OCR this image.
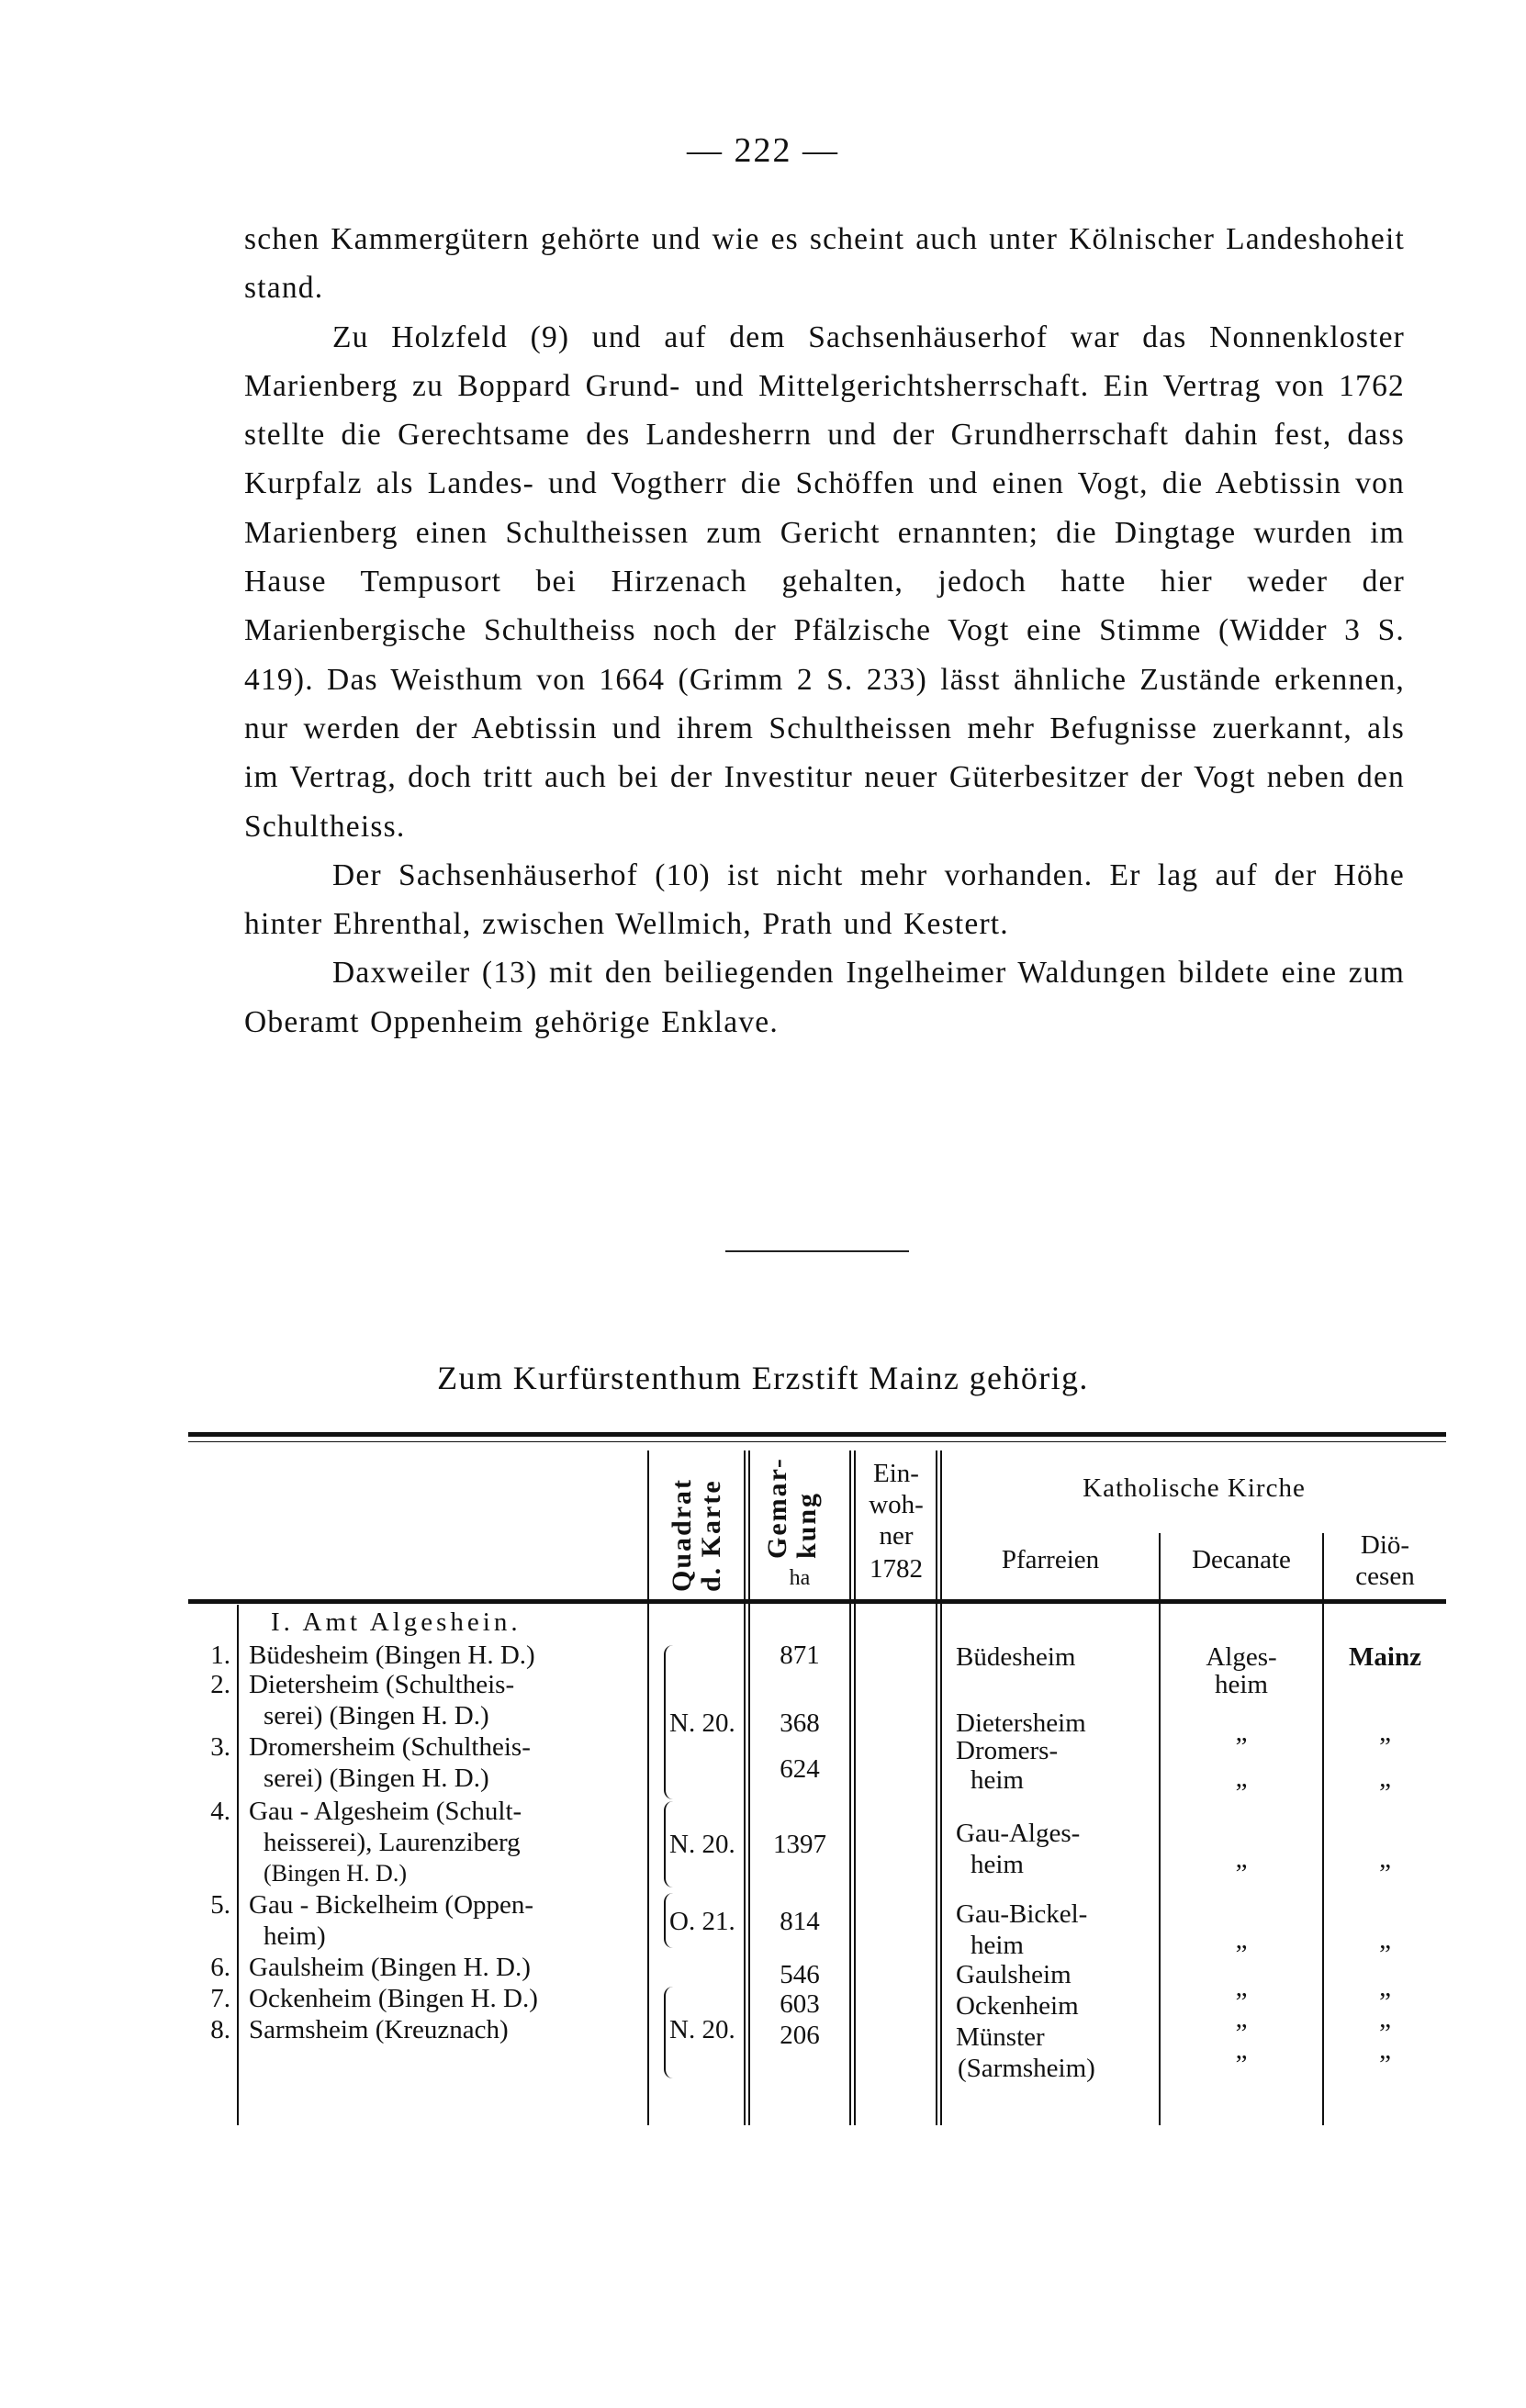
— 222 —

schen Kammergütern gehörte und wie es scheint auch unter Kölnischer Landeshoheit stand.

Zu Holzfeld (9) und auf dem Sachsenhäuserhof war das Nonnenkloster Marienberg zu Boppard Grund- und Mittelgerichtsherrschaft. Ein Vertrag von 1762 stellte die Gerechtsame des Landesherrn und der Grundherrschaft dahin fest, dass Kurpfalz als Landes- und Vogtherr die Schöffen und einen Vogt, die Aebtissin von Marienberg einen Schultheissen zum Gericht ernannten; die Dingtage wurden im Hause Tempusort bei Hirzenach gehalten, jedoch hatte hier weder der Marienbergische Schultheiss noch der Pfälzische Vogt eine Stimme (Widder 3 S. 419). Das Weisthum von 1664 (Grimm 2 S. 233) lässt ähnliche Zustände erkennen, nur werden der Aebtissin und ihrem Schultheissen mehr Befugnisse zuerkannt, als im Vertrag, doch tritt auch bei der Investitur neuer Güterbesitzer der Vogt neben den Schultheiss.

Der Sachsenhäuserhof (10) ist nicht mehr vorhanden. Er lag auf der Höhe hinter Ehrenthal, zwischen Wellmich, Prath und Kestert.

Daxweiler (13) mit den beiliegenden Ingelheimer Waldungen bildete eine zum Oberamt Oppenheim gehörige Enklave.

Zum Kurfürstenthum Erzstift Mainz gehörig.
Quadrat d. Karte Gemar- kung
ha
Ein-
woh-
ner
1782
Katholische Kirche
Pfarreien	Decanate	Diö-
cesen
I. Amt Algeshein.
1.
2.
3.
4.
5.
6.
7.
8.
Büdesheim (Bingen H. D.)
Dietersheim (Schultheis-
serei) (Bingen H. D.)
Dromersheim (Schultheis-
serei) (Bingen H. D.)
Gau - Algesheim (Schult-
heisserei), Laurenziberg
(Bingen H. D.)
Gau - Bickelheim (Oppen-
heim)
Gaulsheim (Bingen H. D.)
Ockenheim (Bingen H. D.)
Sarmsheim (Kreuznach)
N. 20.
N. 20.
O. 21.
N. 20.
871
368
624
1397
814
546
603
206
Büdesheim
Dietersheim
Dromers-
heim
Gau-Alges-
heim
Gau-Bickel-
heim
Gaulsheim
Ockenheim
Münster
(Sarmsheim)
Alges-
heim
„
„
„
„
„
„
„
Mainz
„
„
„
„
„
„
„
